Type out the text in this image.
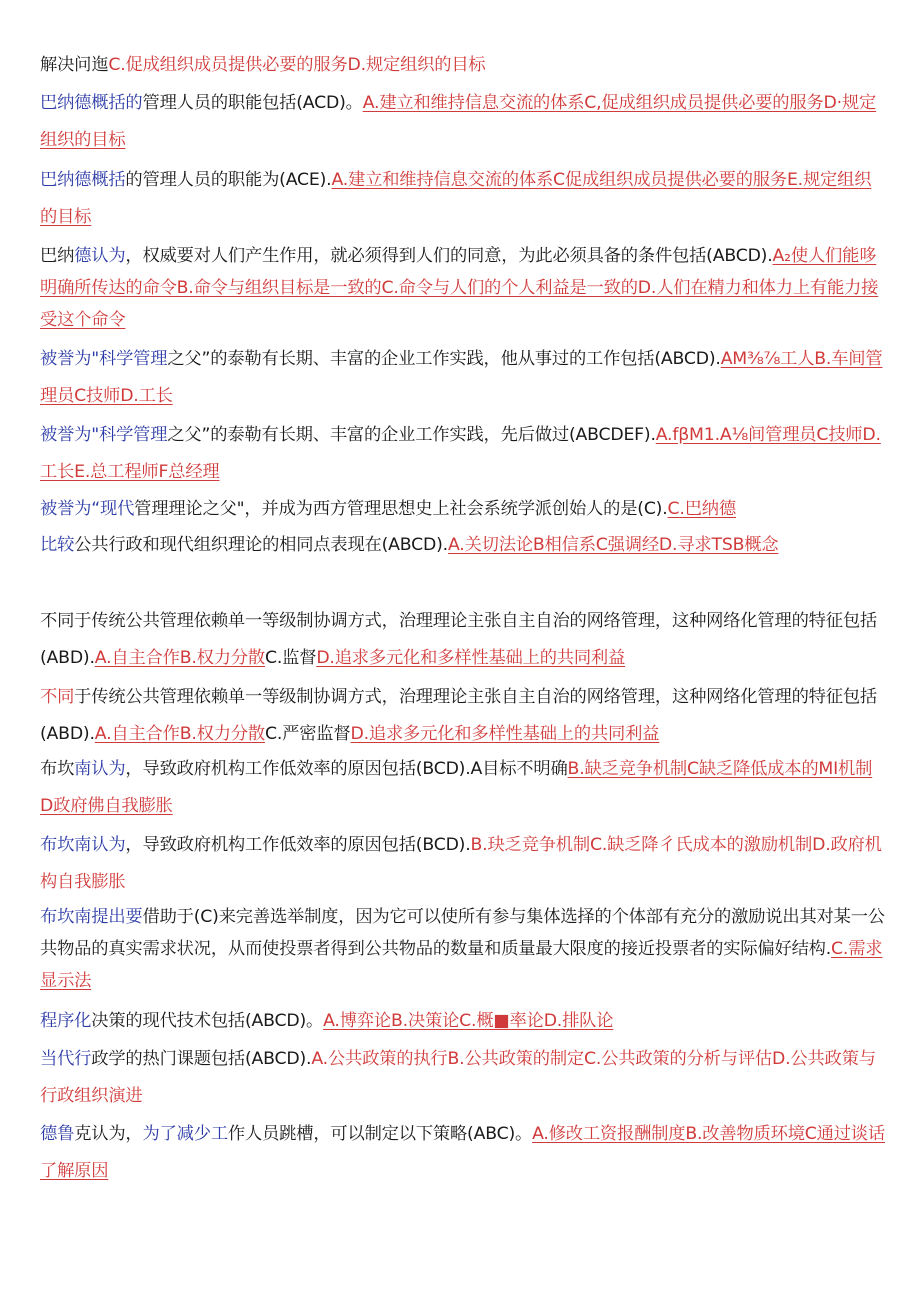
解决问迤C.促成组织成员提供必要的服务D.规定组织的目标
巴纳德概括的管理人员的职能包括(ACD)。A.建立和维持信息交流的体系C,促成组织成员提供必要的服务D·规定组织的目标
巴纳德概括的管理人员的职能为(ACE).A.建立和维持信息交流的体系C促成组织成员提供必要的服务E.规定组织的目标
巴纳德认为，权威要对人们产生作用，就必须得到人们的同意，为此必须具备的条件包括(ABCD).A₂使人们能哆明确所传达的命令B.命令与组织目标是一致的C.命令与人们的个人利益是一致的D.人们在精力和体力上有能力接受这个命令
被誉为"科学管理之父”的泰勒有长期、丰富的企业工作实践，他从事过的工作包括(ABCD).AM⅜⅞工人B.车间管理员C技师D.工长
被誉为"科学管理之父”的泰勒有长期、丰富的企业工作实践，先后做过(ABCDEF).A.fβM1.A⅛间管理员C技师D.工长E.总工程师F总经理
被誉为“现代管理理论之父"，并成为西方管理思想史上社会系统学派创始人的是(C).C.巴纳德
比较公共行政和现代组织理论的相同点表现在(ABCD).A.关切法论B相信系C强调经D.寻求TSB概念
不同于传统公共管理依赖单一等级制协调方式，治理理论主张自主自治的网络管理，这种网络化管理的特征包括(ABD).A.自主合作B.权力分散C.监督D.追求多元化和多样性基础上的共同利益
不同于传统公共管理依赖单一等级制协调方式，治理理论主张自主自治的网络管理，这种网络化管理的特征包括(ABD).A.自主合作B.权力分散C.严密监督D.追求多元化和多样性基础上的共同利益
布坎南认为，导致政府机构工作低效率的原因包括(BCD).A目标不明确B.缺乏竞争机制C缺乏降低成本的MI机制D政府佛自我膨胀
布坎南认为，导致政府机构工作低效率的原因包括(BCD).B.玦乏竞争机制C.缺乏降彳氏成本的激励机制D.政府机构自我膨胀
布坎南提出要借助于(C)来完善选举制度，因为它可以使所有参与集体选择的个体部有充分的激励说出其对某一公共物品的真实需求状况，从而使投票者得到公共物品的数量和质量最大限度的接近投票者的实际偏好结构.C.需求显示法
程序化决策的现代技术包括(ABCD)。A.博弈论B.决策论C.概■率论D.排队论
当代行政学的热门课题包括(ABCD).A.公共政策的执行B.公共政策的制定C.公共政策的分析与评估D.公共政策与行政组织演进
德鲁克认为，为了减少工作人员跳槽，可以制定以下策略(ABC)。A.修改工资报酬制度B.改善物质环境C通过谈话了解原因
